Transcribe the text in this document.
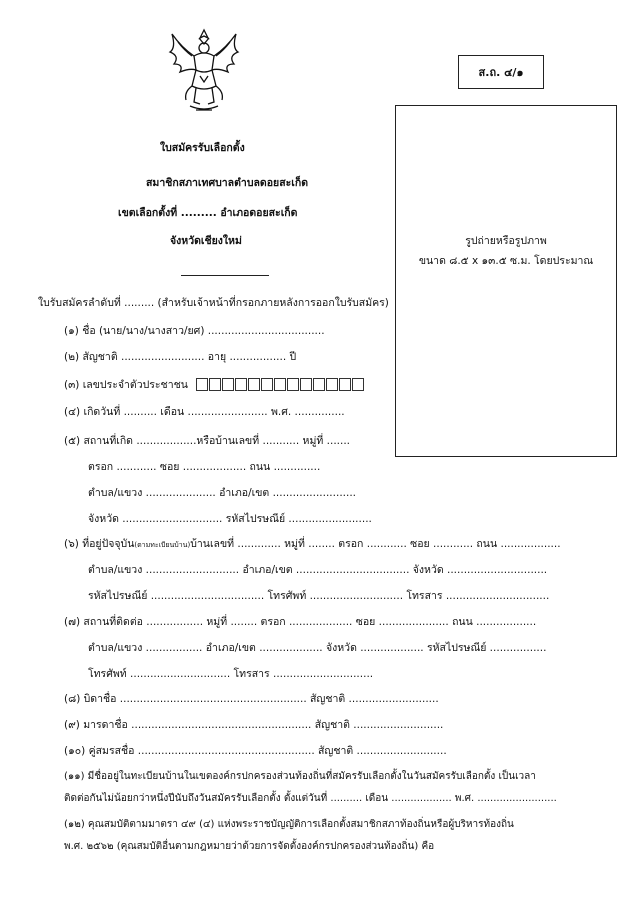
ส.ถ. ๔/๑
รูปถ่ายหรือรูปภาพ
ขนาด ๘.๕ x ๑๓.๕ ซ.ม. โดยประมาณ
ใบสมัครรับเลือกตั้ง
สมาชิกสภาเทศบาลตำบลดอยสะเก็ด
เขตเลือกตั้งที่ ......... อำเภอดอยสะเก็ด
จังหวัดเชียงใหม่
ใบรับสมัครลำดับที่ ......... (สำหรับเจ้าหน้าที่กรอกภายหลังการออกใบรับสมัคร)
(๑) ชื่อ (นาย/นาง/นางสาว/ยศ) ...................................
(๒) สัญชาติ ......................... อายุ ................. ปี
(๓) เลขประจำตัวประชาชน
(๔) เกิดวันที่ .......... เดือน ........................ พ.ศ. ...............
(๕) สถานที่เกิด ..................หรือบ้านเลขที่ ........... หมู่ที่ .......
ตรอก ............ ซอย ................... ถนน ..............
ตำบล/แขวง ..................... อำเภอ/เขต .........................
จังหวัด .............................. รหัสไปรษณีย์ .........................
(๖) ที่อยู่ปัจจุบัน(ตามทะเบียนบ้าน)บ้านเลขที่ ............. หมู่ที่ ........ ตรอก ............ ซอย ............ ถนน ..................
ตำบล/แขวง ............................ อำเภอ/เขต .................................. จังหวัด ..............................
รหัสไปรษณีย์ .................................. โทรศัพท์ ............................ โทรสาร ...............................
(๗) สถานที่ติดต่อ ................. หมู่ที่ ........ ตรอก ................... ซอย ..................... ถนน ..................
ตำบล/แขวง ................. อำเภอ/เขต ................... จังหวัด ................... รหัสไปรษณีย์ .................
โทรศัพท์ .............................. โทรสาร ..............................
(๘) บิดาชื่อ ........................................................ สัญชาติ ...........................
(๙) มารดาชื่อ ...................................................... สัญชาติ ...........................
(๑๐) คู่สมรสชื่อ ..................................................... สัญชาติ ...........................
(๑๑) มีชื่ออยู่ในทะเบียนบ้านในเขตองค์กรปกครองส่วนท้องถิ่นที่สมัครรับเลือกตั้งในวันสมัครรับเลือกตั้ง เป็นเวลา
ติดต่อกันไม่น้อยกว่าหนึ่งปีนับถึงวันสมัครรับเลือกตั้ง ตั้งแต่วันที่ .......... เดือน ................... พ.ศ. .........................
(๑๒) คุณสมบัติตามมาตรา ๔๙ (๔) แห่งพระราชบัญญัติการเลือกตั้งสมาชิกสภาท้องถิ่นหรือผู้บริหารท้องถิ่น
พ.ศ. ๒๕๖๒ (คุณสมบัติอื่นตามกฎหมายว่าด้วยการจัดตั้งองค์กรปกครองส่วนท้องถิ่น) คือ
